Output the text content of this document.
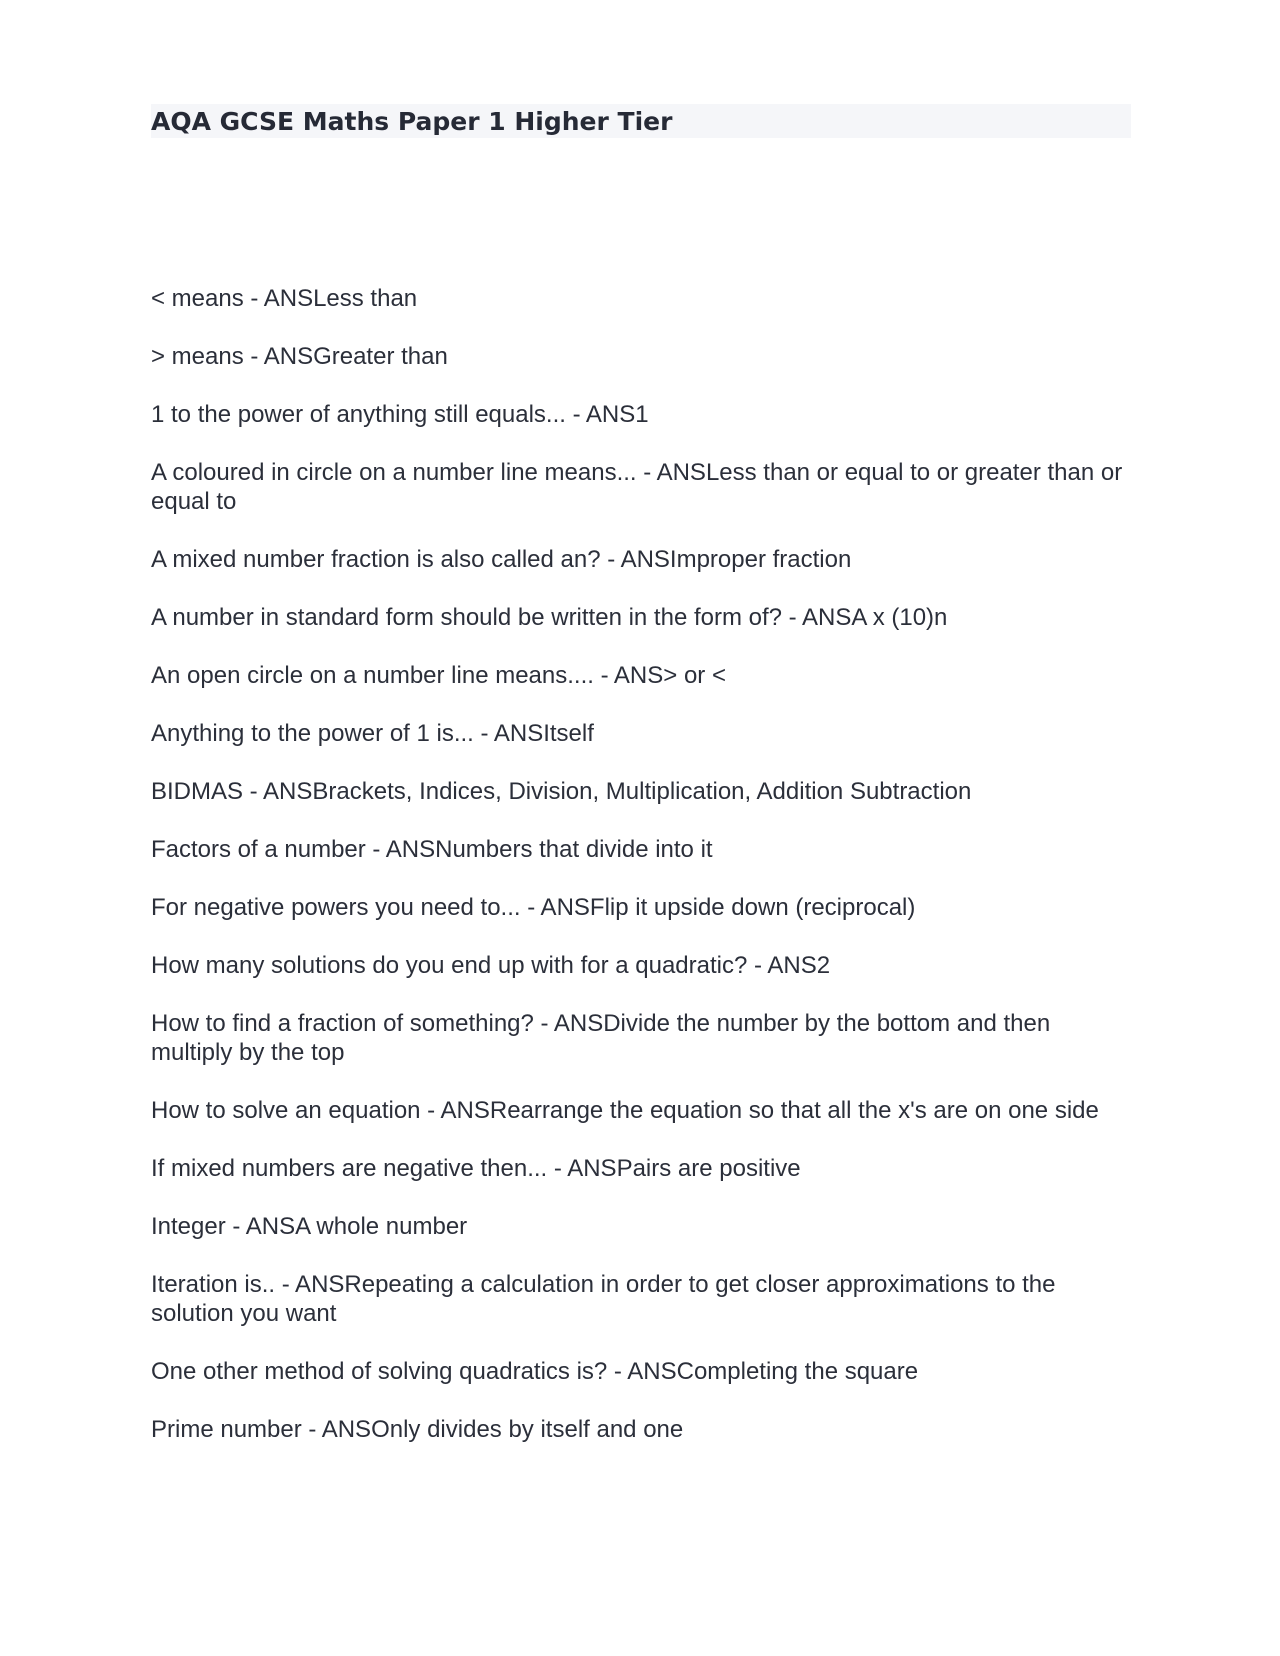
AQA GCSE Maths Paper 1 Higher Tier
< means - ANSLess than
> means - ANSGreater than
1 to the power of anything still equals... - ANS1
A coloured in circle on a number line means... - ANSLess than or equal to or greater than or equal to
A mixed number fraction is also called an? - ANSImproper fraction
A number in standard form should be written in the form of? - ANSA x (10)n
An open circle on a number line means.... - ANS> or <
Anything to the power of 1 is... - ANSItself
BIDMAS - ANSBrackets, Indices, Division, Multiplication, Addition Subtraction
Factors of a number - ANSNumbers that divide into it
For negative powers you need to... - ANSFlip it upside down (reciprocal)
How many solutions do you end up with for a quadratic? - ANS2
How to find a fraction of something? - ANSDivide the number by the bottom and then multiply by the top
How to solve an equation - ANSRearrange the equation so that all the x's are on one side
If mixed numbers are negative then... - ANSPairs are positive
Integer - ANSA whole number
Iteration is.. - ANSRepeating a calculation in order to get closer approximations to the solution you want
One other method of solving quadratics is? - ANSCompleting the square
Prime number - ANSOnly divides by itself and one
